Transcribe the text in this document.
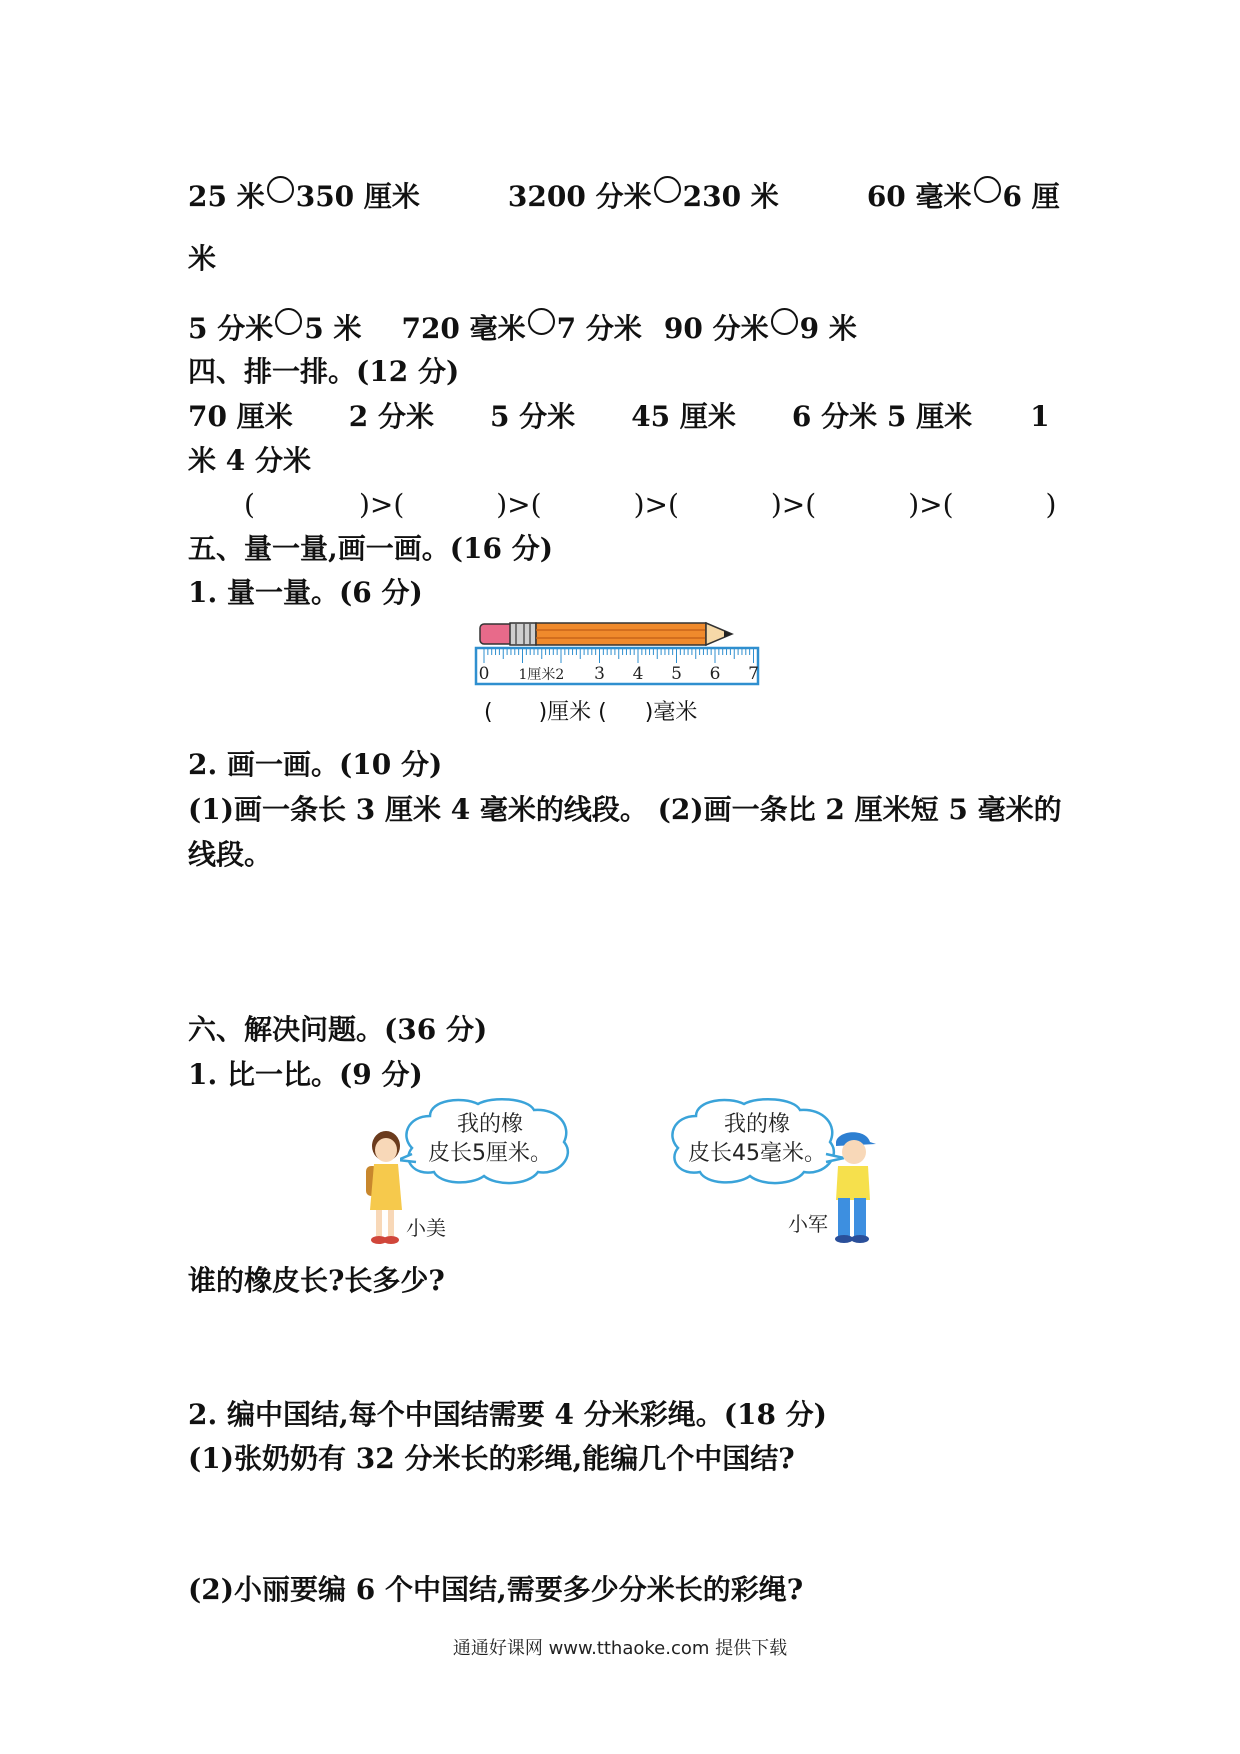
25 米 350 厘米	3200 分米 230 米	60 毫米 6 厘
米
5 分米 5 米 720 毫米 7 分米 90 分米 9 米
四、排一排。(12 分)
70 厘米 2 分米 5 分米 45 厘米 6 分米 5 厘米 1
米 4 分米
(	)>(	)>(	)>(	)>(	)>(	)
五、量一量,画一画。(16 分)
1. 量一量。(6 分)
0 1厘米2 3 4 5 6 7
( )厘米 ( )毫米
2. 画一画。(10 分)
(1)画一条长 3 厘米 4 毫米的线段。 (2)画一条比 2 厘米短 5 毫米的
线段。
六、解决问题。(36 分)
1. 比一比。(9 分)
我的橡
皮长5厘米。
小美
我的橡
皮长45毫米。
小军
谁的橡皮长?长多少?
2. 编中国结,每个中国结需要 4 分米彩绳。(18 分)
(1)张奶奶有 32 分米长的彩绳,能编几个中国结?
(2)小丽要编 6 个中国结,需要多少分米长的彩绳?
通通好课网 www.tthaoke.com 提供下载
